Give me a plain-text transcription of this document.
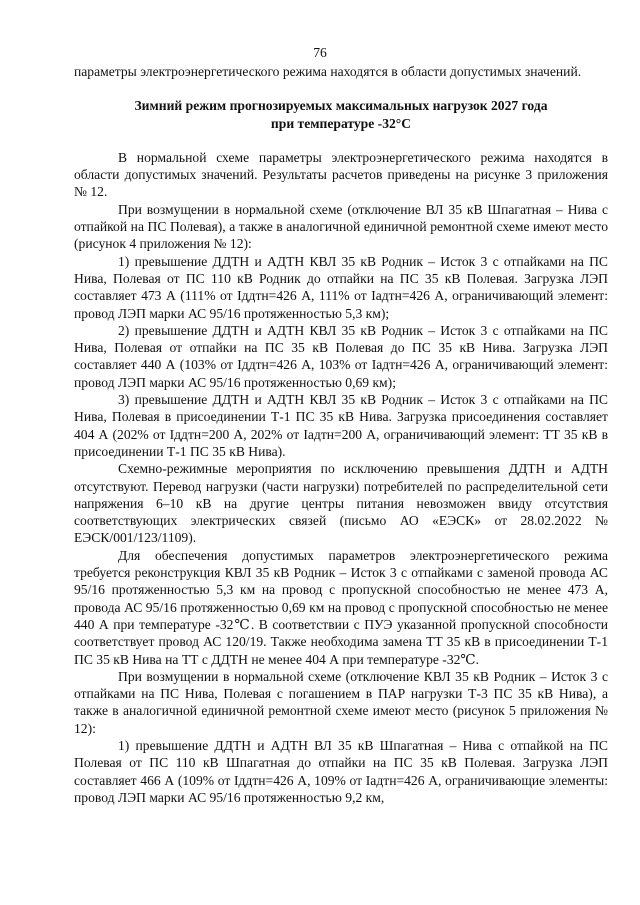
76

параметры электроэнергетического режима находятся в области допустимых значений.

Зимний режим прогнозируемых максимальных нагрузок 2027 года
при температуре -32°С

В нормальной схеме параметры электроэнергетического режима находятся в области допустимых значений. Результаты расчетов приведены на рисунке 3 приложения № 12.

При возмущении в нормальной схеме (отключение ВЛ 35 кВ Шпагатная – Нива с отпайкой на ПС Полевая), а также в аналогичной единичной ремонтной схеме имеют место (рисунок 4 приложения № 12):

1) превышение ДДТН и АДТН КВЛ 35 кВ Родник – Исток 3 с отпайками на ПС Нива, Полевая от ПС 110 кВ Родник до отпайки на ПС 35 кВ Полевая. Загрузка ЛЭП составляет 473 А (111% от Iддтн=426 А, 111% от Iадтн=426 А, ограничивающий элемент: провод ЛЭП марки АС 95/16 протяженностью 5,3 км);

2) превышение ДДТН и АДТН КВЛ 35 кВ Родник – Исток 3 с отпайками на ПС Нива, Полевая от отпайки на ПС 35 кВ Полевая до ПС 35 кВ Нива. Загрузка ЛЭП составляет 440 А (103% от Iддтн=426 А, 103% от Iадтн=426 А, ограничивающий элемент: провод ЛЭП марки АС 95/16 протяженностью 0,69 км);

3) превышение ДДТН и АДТН КВЛ 35 кВ Родник – Исток 3 с отпайками на ПС Нива, Полевая в присоединении Т-1 ПС 35 кВ Нива. Загрузка присоединения составляет 404 А (202% от Iддтн=200 А, 202% от Iадтн=200 А, ограничивающий элемент: ТТ 35 кВ в присоединении Т-1 ПС 35 кВ Нива).

Схемно-режимные мероприятия по исключению превышения ДДТН и АДТН отсутствуют. Перевод нагрузки (части нагрузки) потребителей по распределительной сети напряжения 6–10 кВ на другие центры питания невозможен ввиду отсутствия соответствующих электрических связей (письмо АО «ЕЭСК» от 28.02.2022 № ЕЭСК/001/123/1109).

Для обеспечения допустимых параметров электроэнергетического режима требуется реконструкция КВЛ 35 кВ Родник – Исток 3 с отпайками с заменой провода АС 95/16 протяженностью 5,3 км на провод с пропускной способностью не менее 473 А, провода АС 95/16 протяженностью 0,69 км на провод с пропускной способностью не менее 440 А при температуре -32℃. В соответствии с ПУЭ указанной пропускной способности соответствует провод АС 120/19. Также необходима замена ТТ 35 кВ в присоединении Т-1 ПС 35 кВ Нива на ТТ с ДДТН не менее 404 А при температуре -32℃.

При возмущении в нормальной схеме (отключение КВЛ 35 кВ Родник – Исток 3 с отпайками на ПС Нива, Полевая с погашением в ПАР нагрузки Т-3 ПС 35 кВ Нива), а также в аналогичной единичной ремонтной схеме имеют место (рисунок 5 приложения № 12):

1) превышение ДДТН и АДТН ВЛ 35 кВ Шпагатная – Нива с отпайкой на ПС Полевая от ПС 110 кВ Шпагатная до отпайки на ПС 35 кВ Полевая. Загрузка ЛЭП составляет 466 А (109% от Iддтн=426 А, 109% от Iадтн=426 А, ограничивающие элементы: провод ЛЭП марки АС 95/16 протяженностью 9,2 км,
